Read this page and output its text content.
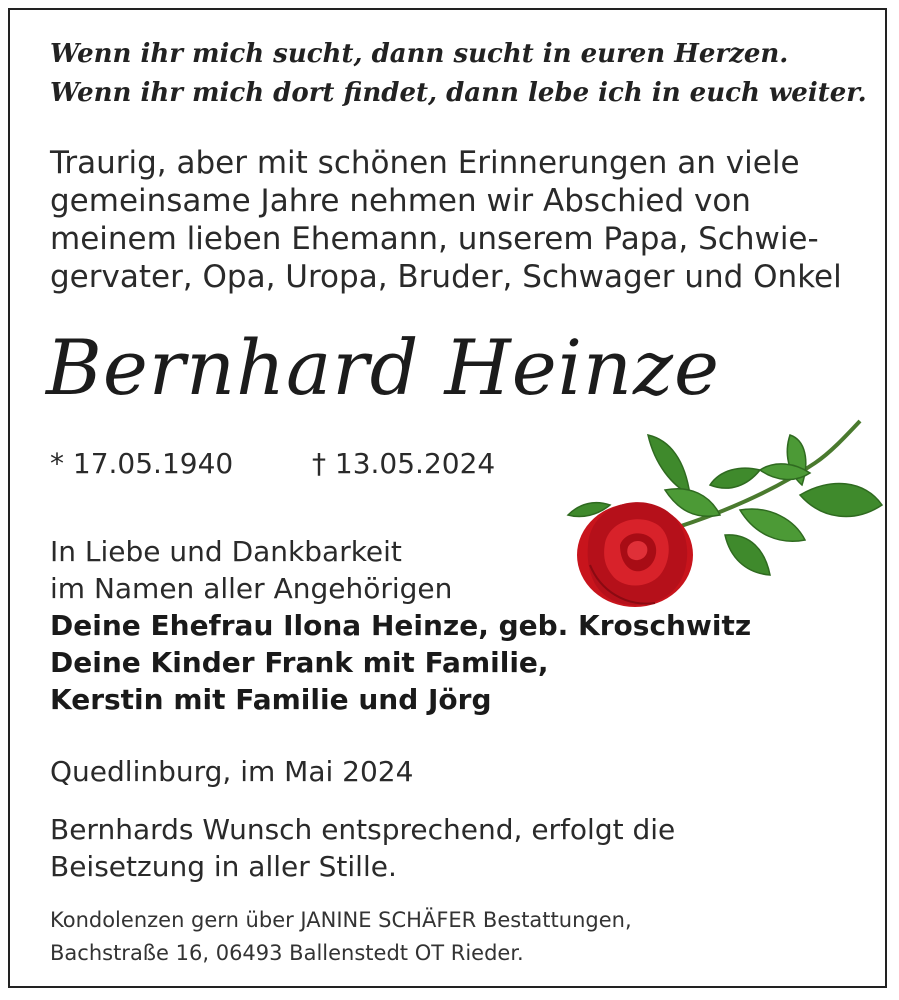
Wenn ihr mich sucht, dann sucht in euren Herzen.
Wenn ihr mich dort findet, dann lebe ich in euch weiter.
Traurig, aber mit schönen Erinnerungen an viele
gemeinsame Jahre nehmen wir Abschied von
meinem lieben Ehemann, unserem Papa, Schwie-
gervater, Opa, Uropa, Bruder, Schwager und Onkel
Bernhard Heinze
* 17.05.1940	† 13.05.2024
In Liebe und Dankbarkeit
im Namen aller Angehörigen
Deine Ehefrau Ilona Heinze, geb. Kroschwitz
Deine Kinder Frank mit Familie,
Kerstin mit Familie und Jörg
Quedlinburg, im Mai 2024
Bernhards Wunsch entsprechend, erfolgt die
Beisetzung in aller Stille.
Kondolenzen gern über JANINE SCHÄFER Bestattungen,
Bachstraße 16, 06493 Ballenstedt OT Rieder.
